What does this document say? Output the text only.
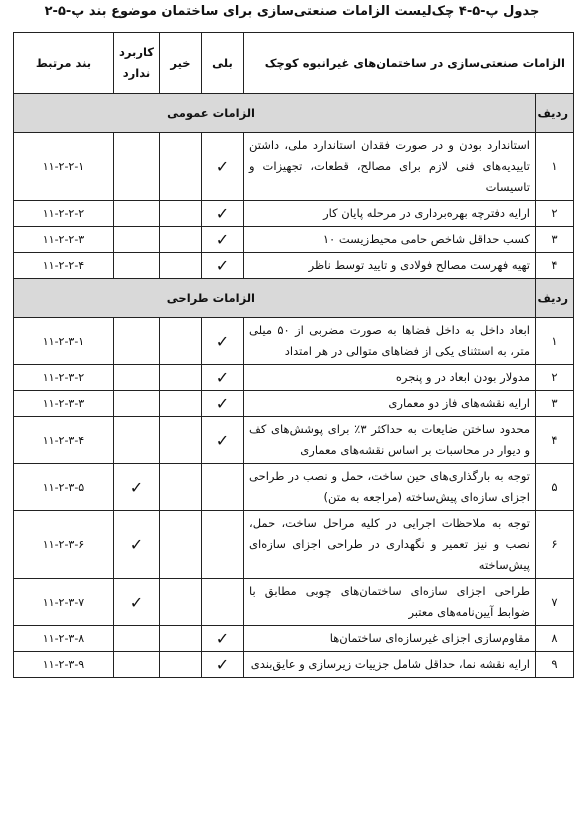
جدول پ-۵-۴ چک‌لیست الزامات صنعتی‌سازی برای ساختمان موضوع بند پ-۵-۲
الزامات صنعتی‌سازی در ساختمان‌های غیرانبوه کوچک		بلی	خیر	کاربرد ندارد	بند مرتبط
ردیف	الزامات عمومی				
۱	استاندارد بودن و در صورت فقدان استاندارد ملی، داشتن تاییدیه‌های فنی لازم برای مصالح، قطعات، تجهیزات و تاسیسات	✓			۱۱-۲-۲-۱
۲	ارایه دفترچه بهره‌برداری در مرحله پایان کار	✓			۱۱-۲-۲-۲
۳	کسب حداقل شاخص حامی محیط‌زیست ۱۰	✓			۱۱-۲-۲-۳
۴	تهیه فهرست مصالح فولادی و تایید توسط ناظر	✓			۱۱-۲-۲-۴
ردیف	الزامات طراحی				
۱	ابعاد داخل به داخل فضاها به صورت مضربی از ۵۰ میلی متر، به استثنای یکی از فضاهای متوالی در هر امتداد	✓			۱۱-۲-۳-۱
۲	مدولار بودن ابعاد در و پنجره	✓			۱۱-۲-۳-۲
۳	ارایه نقشه‌های فاز دو معماری	✓			۱۱-۲-۳-۳
۴	محدود ساختن ضایعات به حداکثر ۳٪ برای پوشش‌های کف و دیوار در محاسبات بر اساس نقشه‌های معماری	✓			۱۱-۲-۳-۴
۵	توجه به بارگذاری‌های حین ساخت، حمل و نصب در طراحی اجزای سازه‌ای پیش‌ساخته (مراجعه به متن)			✓	۱۱-۲-۳-۵
۶	توجه به ملاحظات اجرایی در کلیه مراحل ساخت، حمل، نصب و نیز تعمیر و نگهداری در طراحی اجزای سازه‌ای پیش‌ساخته			✓	۱۱-۲-۳-۶
۷	طراحی اجزای سازه‌ای ساختمان‌های چوبی مطابق با ضوابط آیین‌نامه‌های معتبر			✓	۱۱-۲-۳-۷
۸	مقاوم‌سازی اجزای غیرسازه‌ای ساختمان‌ها	✓			۱۱-۲-۳-۸
۹	ارایه نقشه نما، حداقل شامل جزییات زیرسازی و عایق‌بندی	✓			۱۱-۲-۳-۹
